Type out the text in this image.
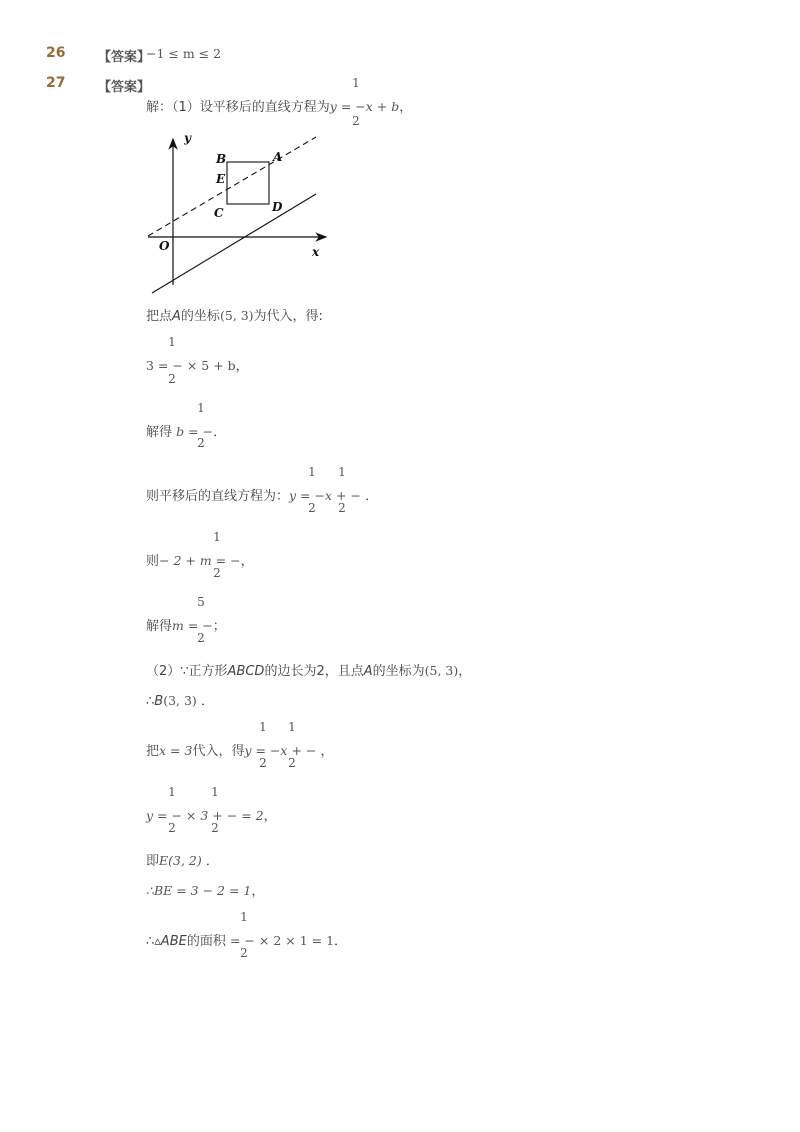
26	【答案】
−1 ≤ m ≤ 2
27	【答案】	1
解：（1）设平移后的直线方程为y = −x + b，
2
y
x
O
B	A
E
C	D
把点A的坐标(5, 3)为代入，得:
1
3 = − × 5 + b，
2
1
解得 b = −．
2
1 1
则平移后的直线方程为：y = −x + − ．
2 2
1
则− 2 + m = −，
2
5
解得m = −；
2
（2）∵正方形ABCD的边长为2，且点A的坐标为(5, 3)，
∴B(3, 3) ．
1 1
把x = 3代入，得y = −x + − ，
2 2
1	1
y = − × 3 + − = 2，
2	2
即E(3, 2) ．
∴BE = 3 − 2 = 1，
1
∴▵ABE的面积 = − × 2 × 1 = 1．
2
